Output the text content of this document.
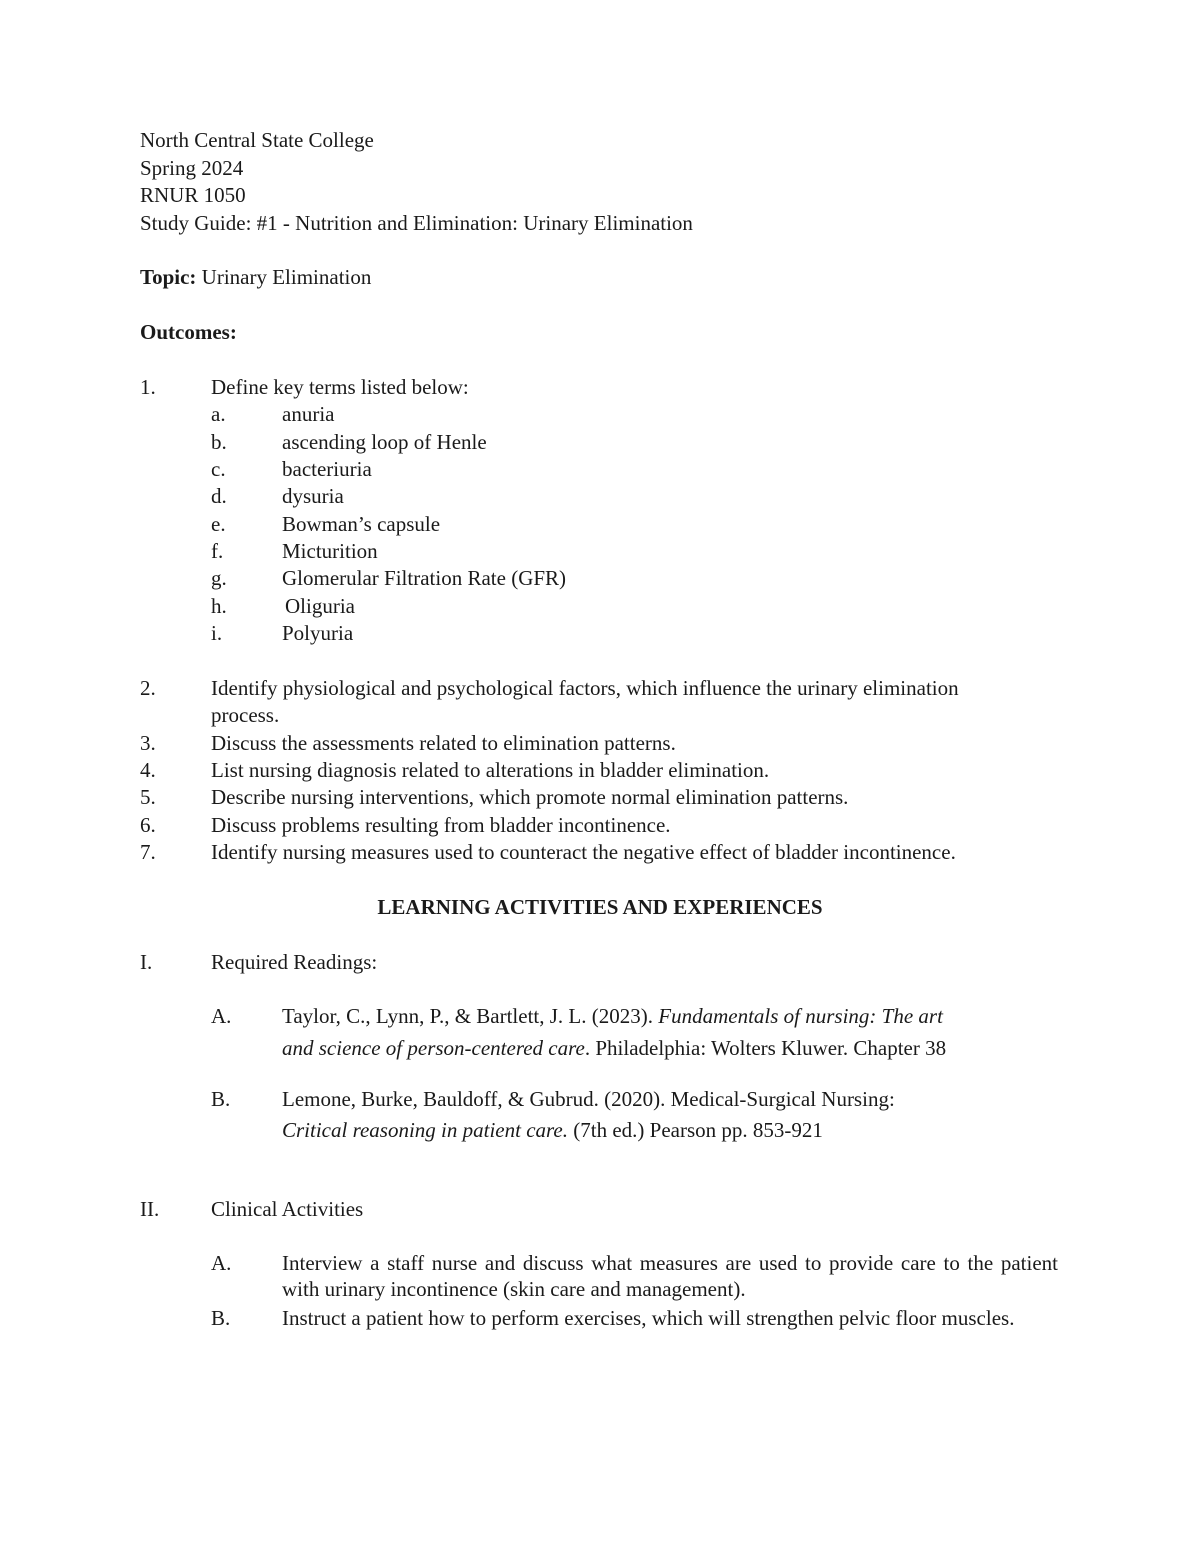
North Central State College
Spring 2024
RNUR 1050
Study Guide: #1 - Nutrition and Elimination: Urinary Elimination
Topic: Urinary Elimination
Outcomes:
1.	Define key terms listed below:
a.	anuria
b.	ascending loop of Henle
c.	bacteriuria
d.	dysuria
e.	Bowman’s capsule
f.	Micturition
g.	Glomerular Filtration Rate (GFR)
h.	Oliguria
i.	Polyuria
2.	Identify physiological and psychological factors, which influence the urinary elimination
process.
3.	Discuss the assessments related to elimination patterns.
4.	List nursing diagnosis related to alterations in bladder elimination.
5.	Describe nursing interventions, which promote normal elimination patterns.
6.	Discuss problems resulting from bladder incontinence.
7.	Identify nursing measures used to counteract the negative effect of bladder incontinence.
LEARNING ACTIVITIES AND EXPERIENCES
I.	Required Readings:
A. Taylor, C., Lynn, P., & Bartlett, J. L. (2023). Fundamentals of nursing: The art
and science of person-centered care. Philadelphia: Wolters Kluwer. Chapter 38
B. Lemone, Burke, Bauldoff, & Gubrud. (2020). Medical-Surgical Nursing:
Critical reasoning in patient care. (7th ed.) Pearson pp. 853-921
II. Clinical Activities
A. Interview a staff nurse and discuss what measures are used to provide care to the patient with urinary incontinence (skin care and management).
B. Instruct a patient how to perform exercises, which will strengthen pelvic floor muscles.
